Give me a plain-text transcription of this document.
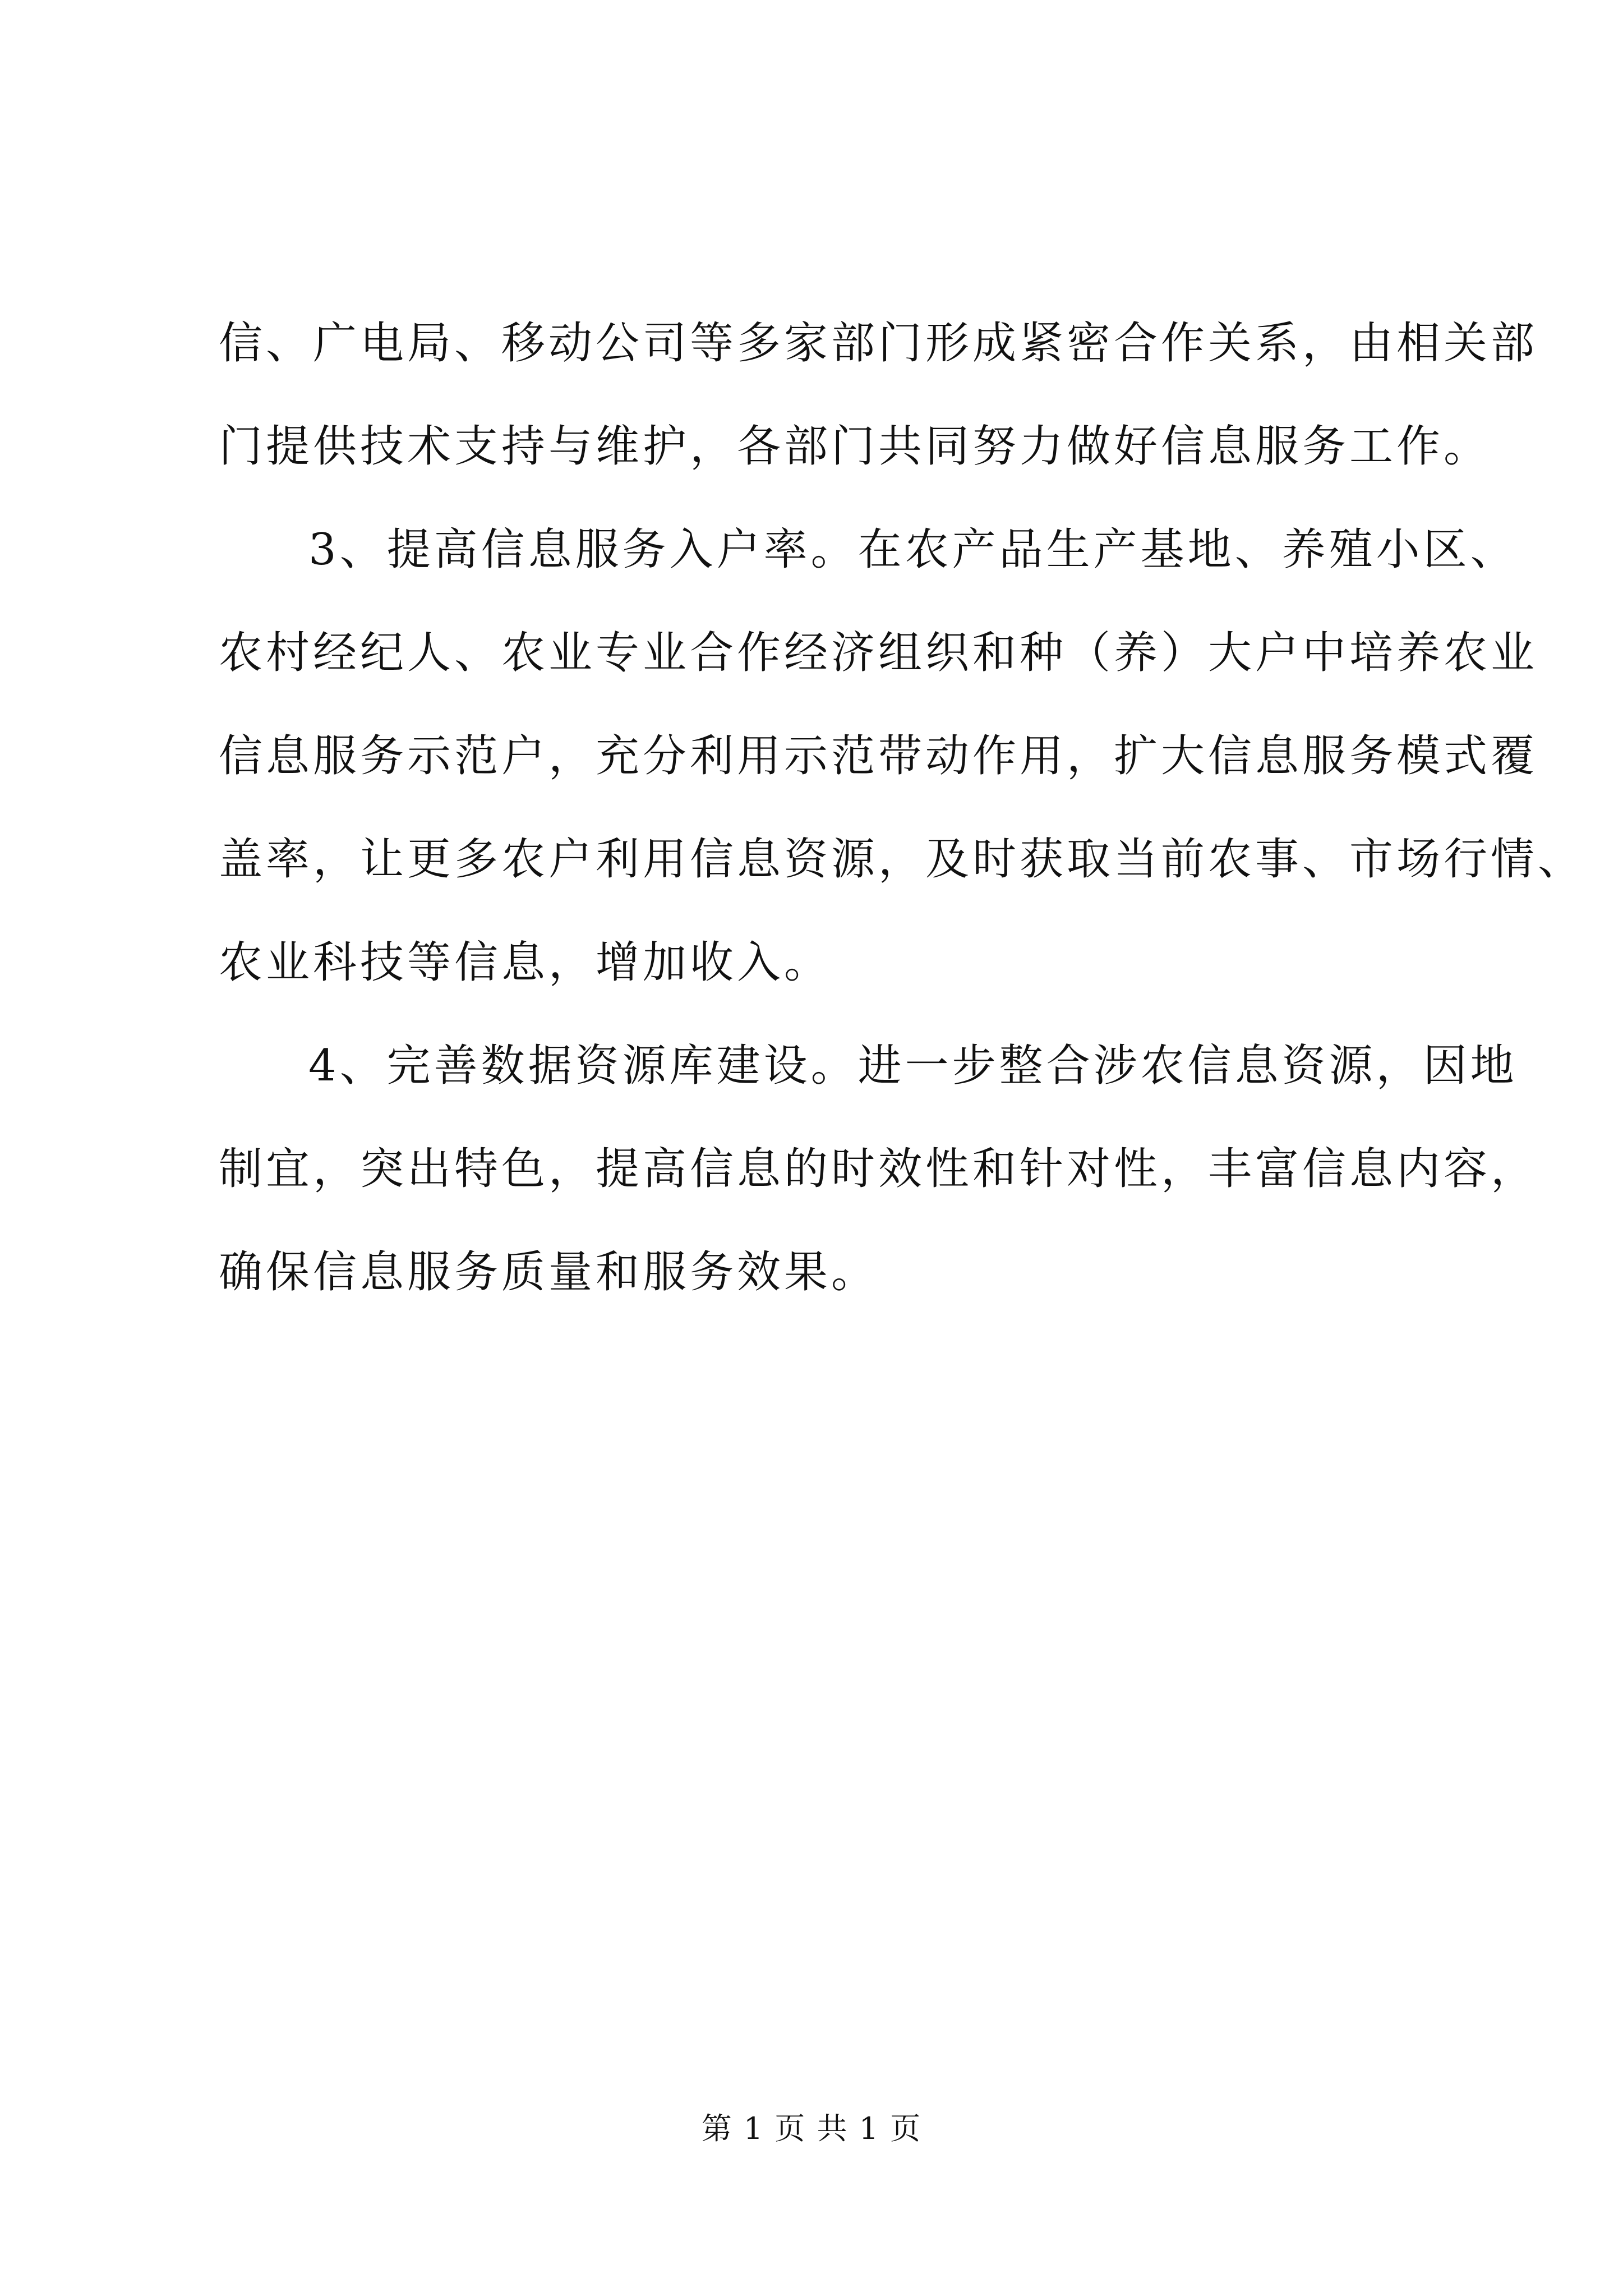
信、广电局、移动公司等多家部门形成紧密合作关系，由相关部
门提供技术支持与维护，各部门共同努力做好信息服务工作。
3、提高信息服务入户率。在农产品生产基地、养殖小区、
农村经纪人、农业专业合作经济组织和种（养）大户中培养农业
信息服务示范户，充分利用示范带动作用，扩大信息服务模式覆
盖率，让更多农户利用信息资源，及时获取当前农事、市场行情、
农业科技等信息，增加收入。
4、完善数据资源库建设。进一步整合涉农信息资源，因地
制宜，突出特色，提高信息的时效性和针对性，丰富信息内容，
确保信息服务质量和服务效果。
第 1 页 共 1 页
